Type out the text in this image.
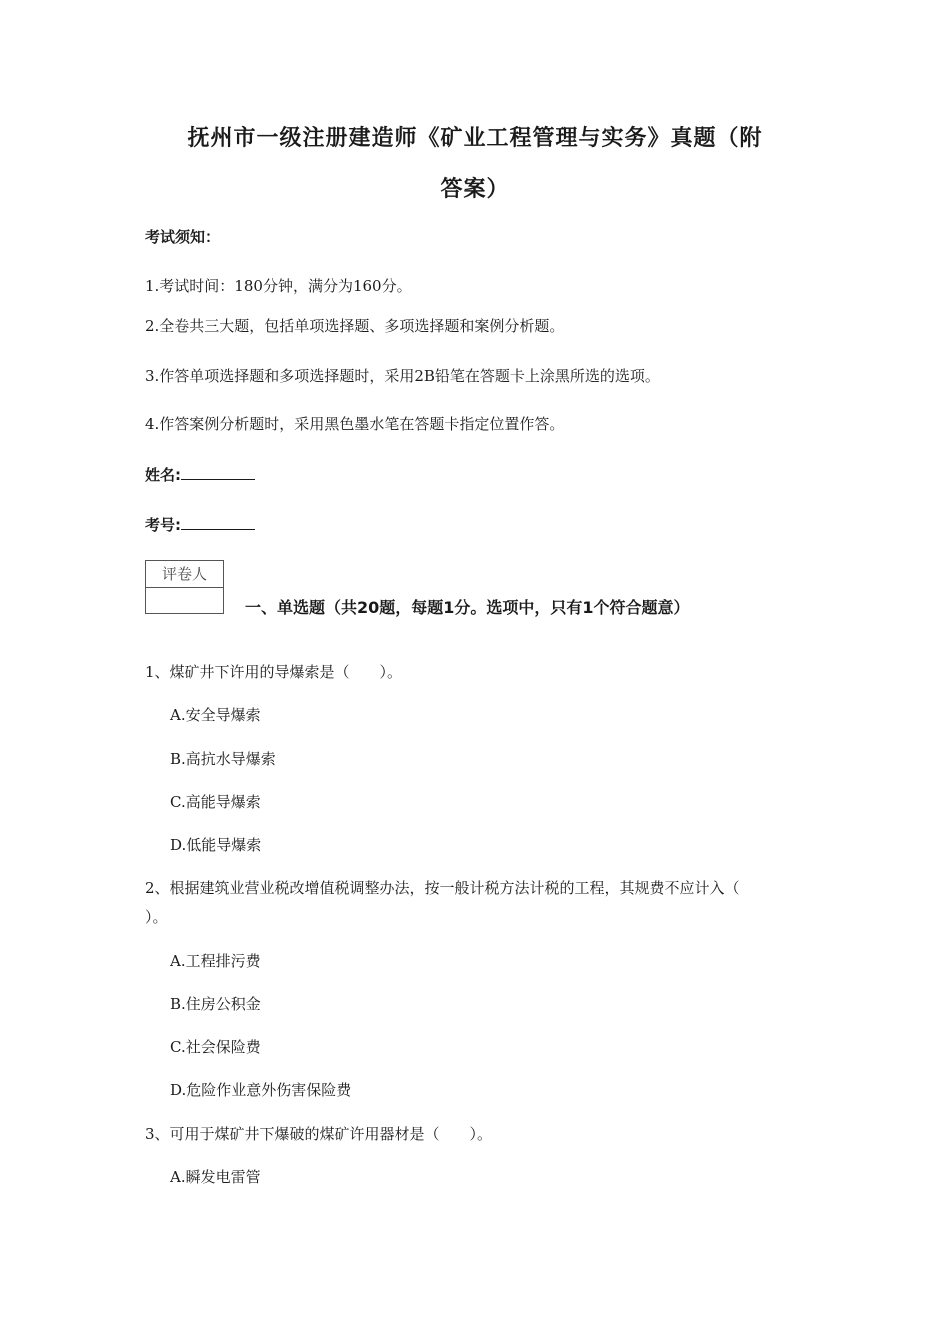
抚州市一级注册建造师《矿业工程管理与实务》真题（附
答案）
考试须知：
1.考试时间：180分钟，满分为160分。
2.全卷共三大题，包括单项选择题、多项选择题和案例分析题。
3.作答单项选择题和多项选择题时，采用2B铅笔在答题卡上涂黑所选的选项。
4.作答案例分析题时，采用黑色墨水笔在答题卡指定位置作答。
姓名:
考号:
评卷人
一、单选题（共20题，每题1分。选项中，只有1个符合题意）
1、煤矿井下许用的导爆索是（　　）。
A.安全导爆索
B.高抗水导爆索
C.高能导爆索
D.低能导爆索
2、根据建筑业营业税改增值税调整办法，按一般计税方法计税的工程，其规费不应计入（
）。
A.工程排污费
B.住房公积金
C.社会保险费
D.危险作业意外伤害保险费
3、可用于煤矿井下爆破的煤矿许用器材是（　　）。
A.瞬发电雷管
